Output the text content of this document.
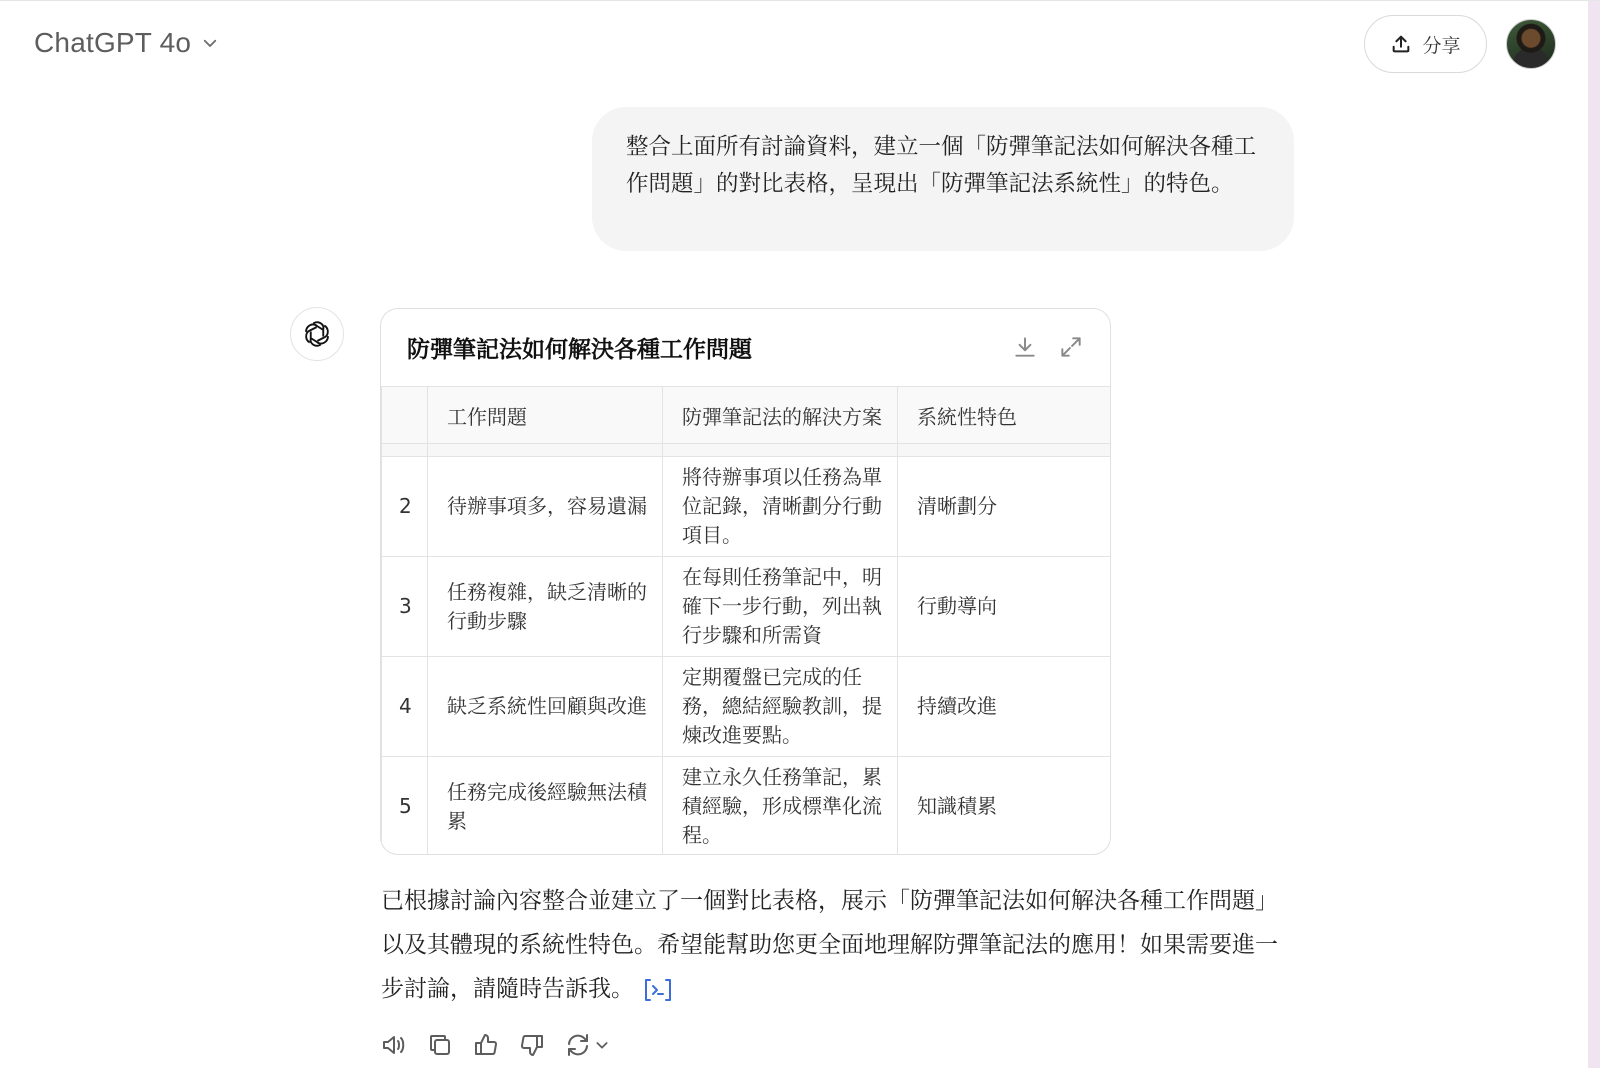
ChatGPT 4o	分享
整合上面所有討論資料，建立一個「防彈筆記法如何解決各種工作問題」的對比表格，呈現出「防彈筆記法系統性」的特色。
防彈筆記法如何解決各種工作問題
	工作問題	防彈筆記法的解決方案	系統性特色

2	待辦事項多，容易遺漏	將待辦事項以任務為單位記錄，清晰劃分行動項目。	清晰劃分
3	任務複雜，缺乏清晰的行動步驟	在每則任務筆記中，明確下一步行動，列出執行步驟和所需資	行動導向
4	缺乏系統性回顧與改進	定期覆盤已完成的任務，總結經驗教訓，提煉改進要點。	持續改進
5	任務完成後經驗無法積累	建立永久任務筆記，累積經驗，形成標準化流程。	知識積累
已根據討論內容整合並建立了一個對比表格，展示「防彈筆記法如何解決各種工作問題」以及其體現的系統性特色。希望能幫助您更全面地理解防彈筆記法的應用！如果需要進一步討論，請隨時告訴我。
